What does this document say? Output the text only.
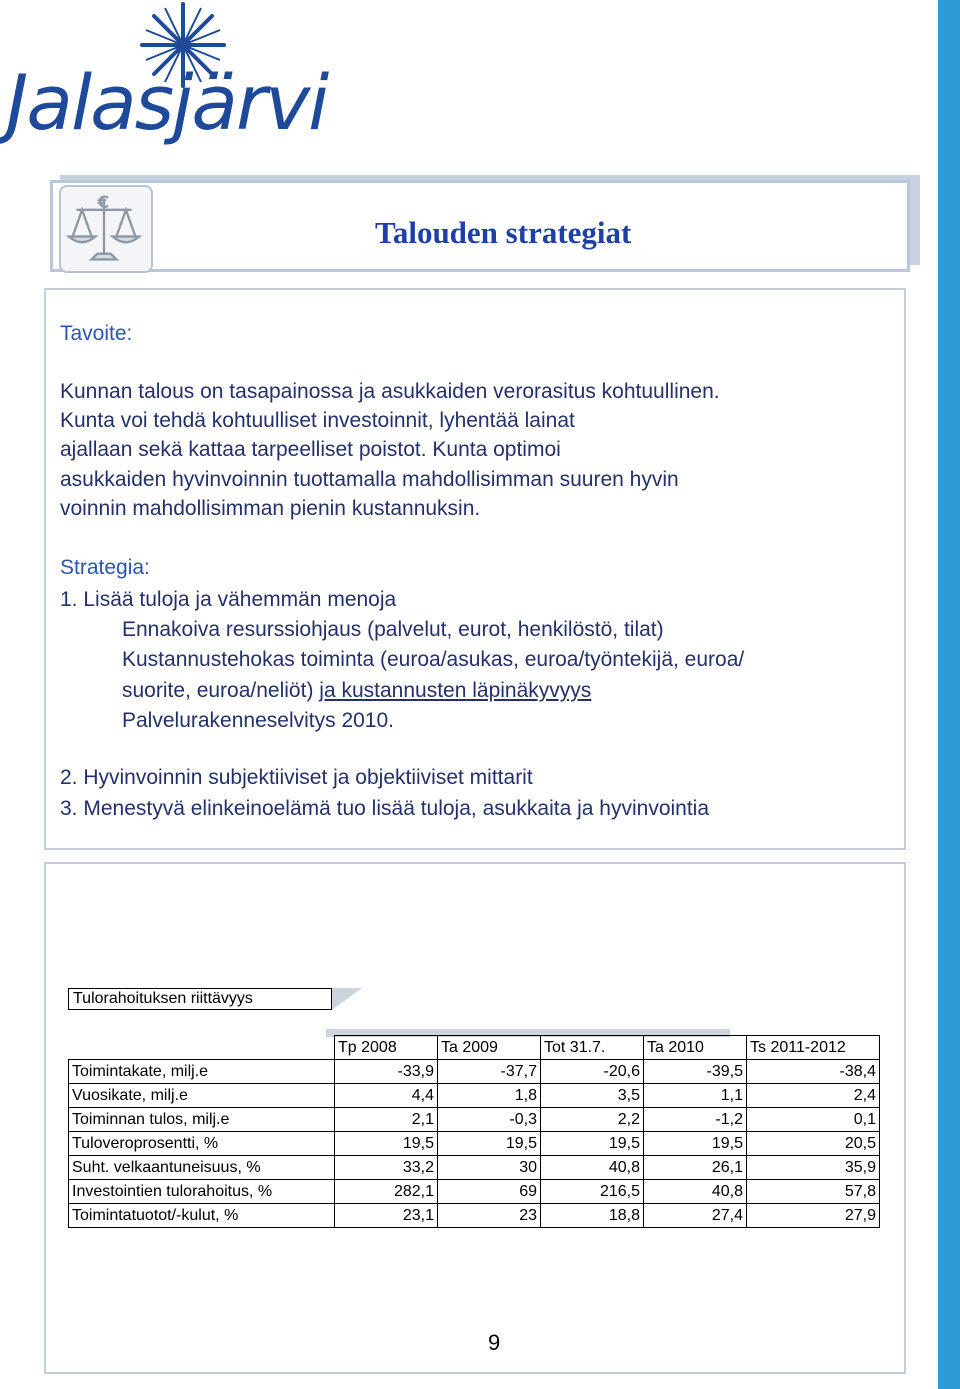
Jalasjärvi
€
Talouden strategiat
Tavoite:
Kunnan talous on tasapainossa ja asukkaiden verorasitus kohtuullinen.
Kunta voi tehdä kohtuulliset investoinnit, lyhentää lainat
ajallaan sekä kattaa tarpeelliset poistot. Kunta optimoi
asukkaiden hyvinvoinnin tuottamalla mahdollisimman suuren hyvin
voinnin mahdollisimman pienin kustannuksin.
Strategia:
1. Lisää tuloja ja vähemmän menoja
Ennakoiva resurssiohjaus (palvelut, eurot, henkilöstö, tilat)
Kustannustehokas toiminta (euroa/asukas, euroa/työntekijä, euroa/
suorite, euroa/neliöt) ja kustannusten läpinäkyvyys
Palvelurakenneselvitys 2010.
2. Hyvinvoinnin subjektiiviset ja objektiiviset mittarit
3. Menestyvä elinkeinoelämä tuo lisää tuloja, asukkaita ja hyvinvointia
Tulorahoituksen riittävyys
	Tp 2008	Ta 2009	Tot 31.7.	Ta 2010	Ts 2011-2012
Toimintakate, milj.e	-33,9	-37,7	-20,6	-39,5	-38,4
Vuosikate, milj.e	4,4	1,8	3,5	1,1	2,4
Toiminnan tulos, milj.e	2,1	-0,3	2,2	-1,2	0,1
Tuloveroprosentti, %	19,5	19,5	19,5	19,5	20,5
Suht. velkaantuneisuus, %	33,2	30	40,8	26,1	35,9
Investointien tulorahoitus, %	282,1	69	216,5	40,8	57,8
Toimintatuotot/-kulut, %	23,1	23	18,8	27,4	27,9
9
